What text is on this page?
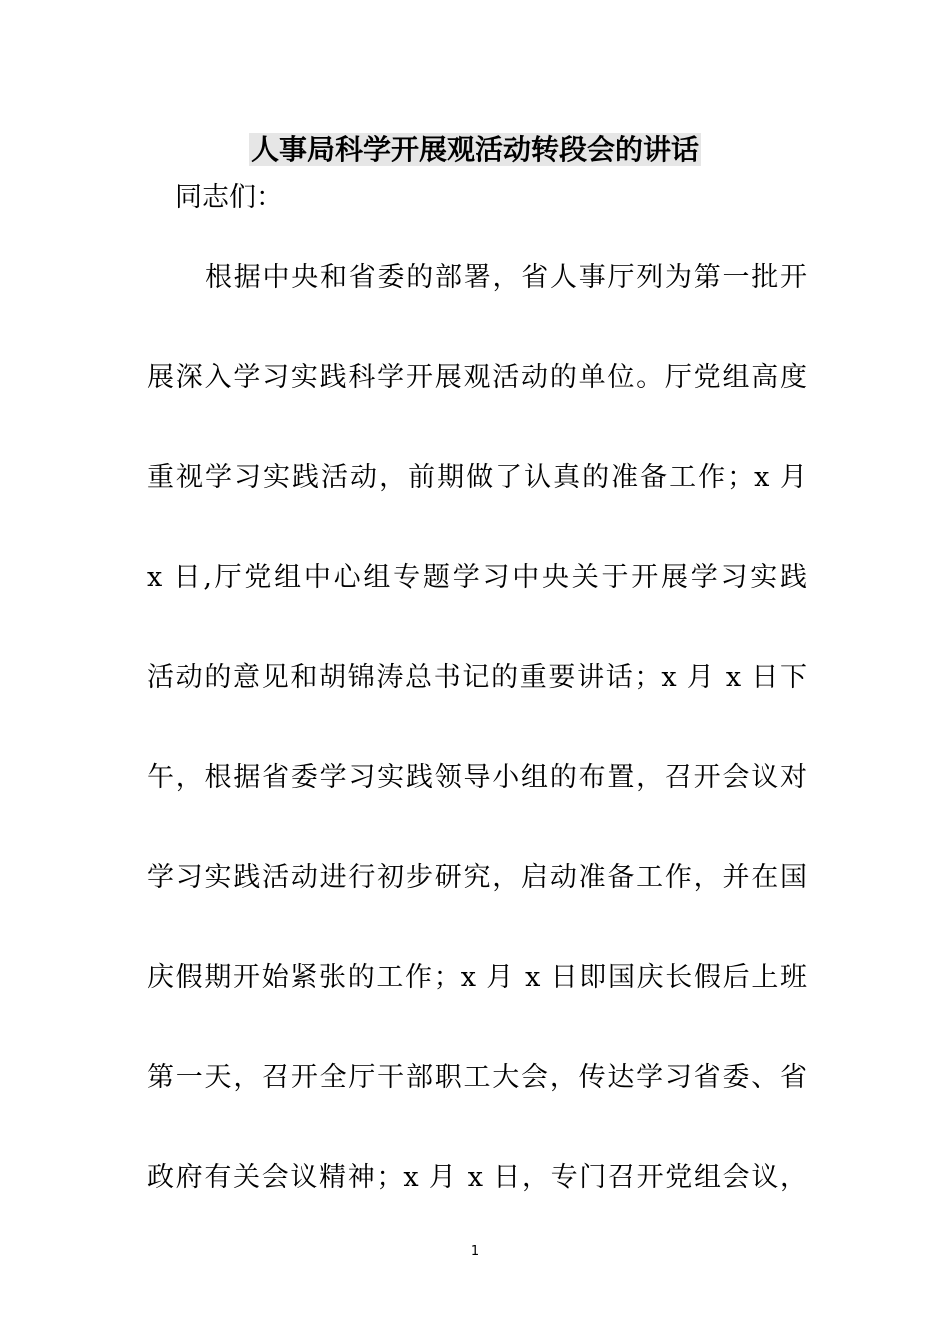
人事局科学开展观活动转段会的讲话
同志们：
根据中央和省委的部署，省人事厅列为第一批开
展深入学习实践科学开展观活动的单位。厅党组高度
重视学习实践活动，前期做了认真的准备工作；x 月
x 日,厅党组中心组专题学习中央关于开展学习实践
活动的意见和胡锦涛总书记的重要讲话；x 月 x 日下
午，根据省委学习实践领导小组的布置，召开会议对
学习实践活动进行初步研究，启动准备工作，并在国
庆假期开始紧张的工作；x 月 x 日即国庆长假后上班
第一天，召开全厅干部职工大会，传达学习省委、省
政府有关会议精神；x 月 x 日，专门召开党组会议，
1
